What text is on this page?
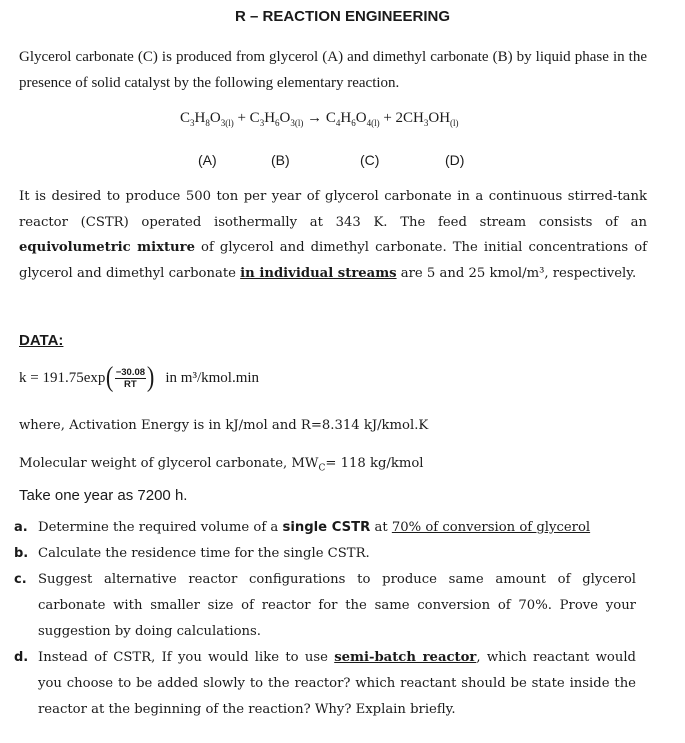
R – REACTION ENGINEERING
Glycerol carbonate (C) is produced from glycerol (A) and dimethyl carbonate (B) by liquid phase in the presence of solid catalyst by the following elementary reaction.
$C_3H_8O_{3(l)} + C_3H_6O_{3(l)} \to C_4H_6O_{4(l)} + 2CH_3OH_{(l)}$
(A)	(B)	(C)	(D)
It is desired to produce 500 ton per year of glycerol carbonate in a continuous stirred-tank reactor (CSTR) operated isothermally at 343 K. The feed stream consists of an equivolumetric mixture of glycerol and dimethyl carbonate. The initial concentrations of glycerol and dimethyl carbonate in individual streams are 5 and 25 kmol/m³, respectively.
DATA:
k = 191.75exp ( $\frac{-30.08}{RT}$ ) in m³/kmol.min
where, Activation Energy is in kJ/mol and R=8.314 kJ/kmol.K
Molecular weight of glycerol carbonate, $MW_C= 118$ kg/kmol
Take one year as 7200 h.
a. Determine the required volume of a single CSTR at 70% of conversion of glycerol
b. Calculate the residence time for the single CSTR.
c. Suggest alternative reactor configurations to produce same amount of glycerol carbonate with smaller size of reactor for the same conversion of 70%. Prove your suggestion by doing calculations.
d. Instead of CSTR, If you would like to use semi-batch reactor, which reactant would you choose to be added slowly to the reactor? which reactant should be state inside the reactor at the beginning of the reaction? Why? Explain briefly.
